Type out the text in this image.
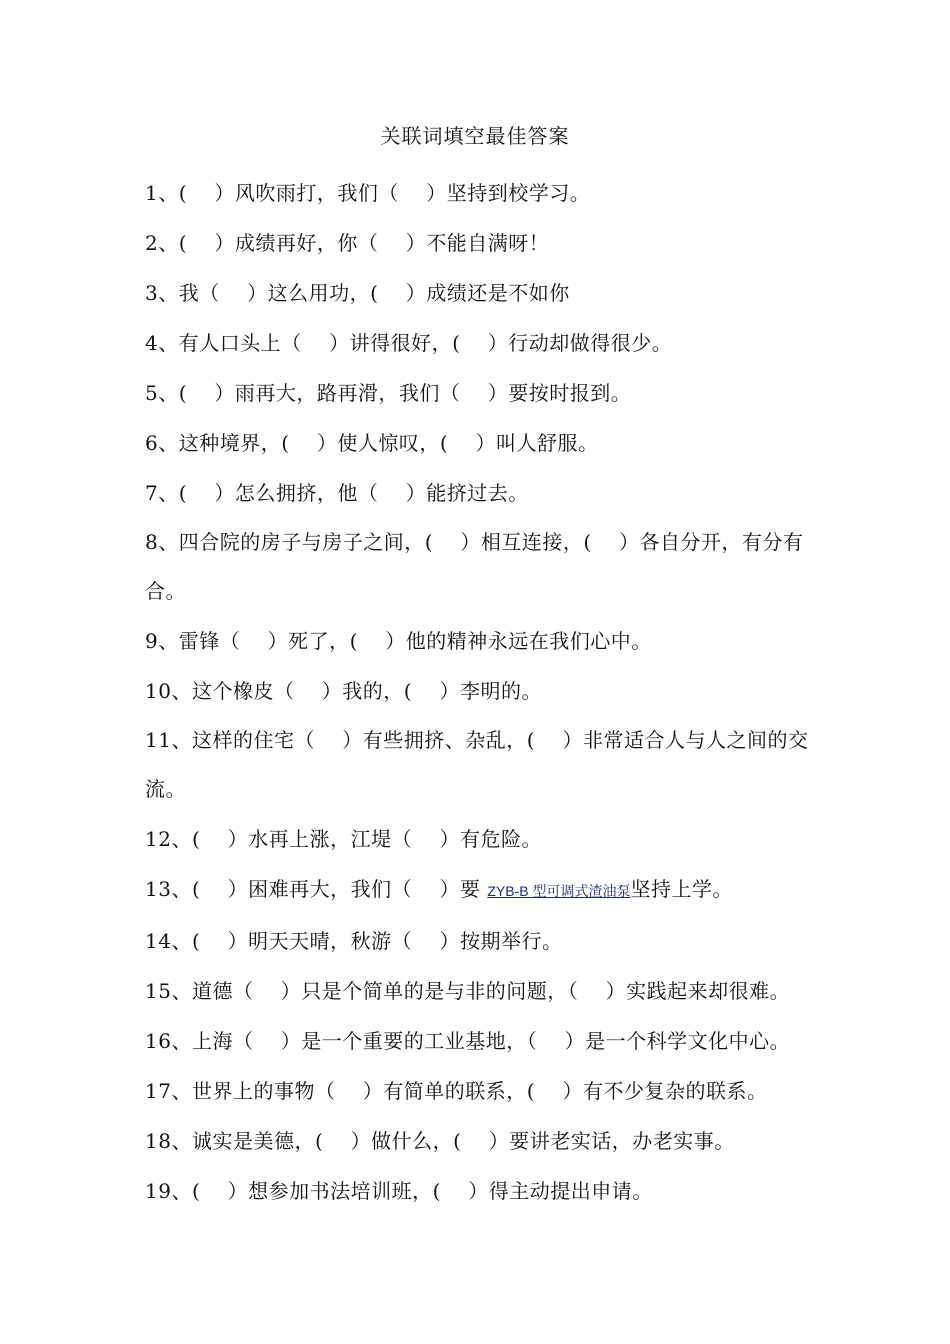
关联词填空最佳答案
1、(　 ）风吹雨打，我们（　 ）坚持到校学习。
2、(　 ）成绩再好，你（　 ）不能自满呀！
3、我（　 ）这么用功，(　 ）成绩还是不如你
4、有人口头上（　 ）讲得很好，(　 ）行动却做得很少。
5、(　 ）雨再大，路再滑，我们（　 ）要按时报到。
6、这种境界，(　 ）使人惊叹，(　 ）叫人舒服。
7、(　 ）怎么拥挤，他（　 ）能挤过去。
8、四合院的房子与房子之间，(　 ）相互连接，(　 ）各自分开，有分有合。
9、雷锋（　 ）死了，(　 ）他的精神永远在我们心中。
10、这个橡皮（　 ）我的，(　 ）李明的。
11、这样的住宅（　 ）有些拥挤、杂乱，(　 ）非常适合人与人之间的交流。
12、(　 ）水再上涨，江堤（　 ）有危险。
13、(　 ）困难再大，我们（　 ）要 ZYB-B 型可调式渣油泵坚持上学。
14、(　 ）明天天晴，秋游（　 ）按期举行。
15、道德（　 ）只是个简单的是与非的问题，（　 ）实践起来却很难。
16、上海（　 ）是一个重要的工业基地，（　 ）是一个科学文化中心。
17、世界上的事物（　 ）有简单的联系，(　 ）有不少复杂的联系。
18、诚实是美德，(　 ）做什么，(　 ）要讲老实话，办老实事。
19、(　 ）想参加书法培训班，(　 ）得主动提出申请。
